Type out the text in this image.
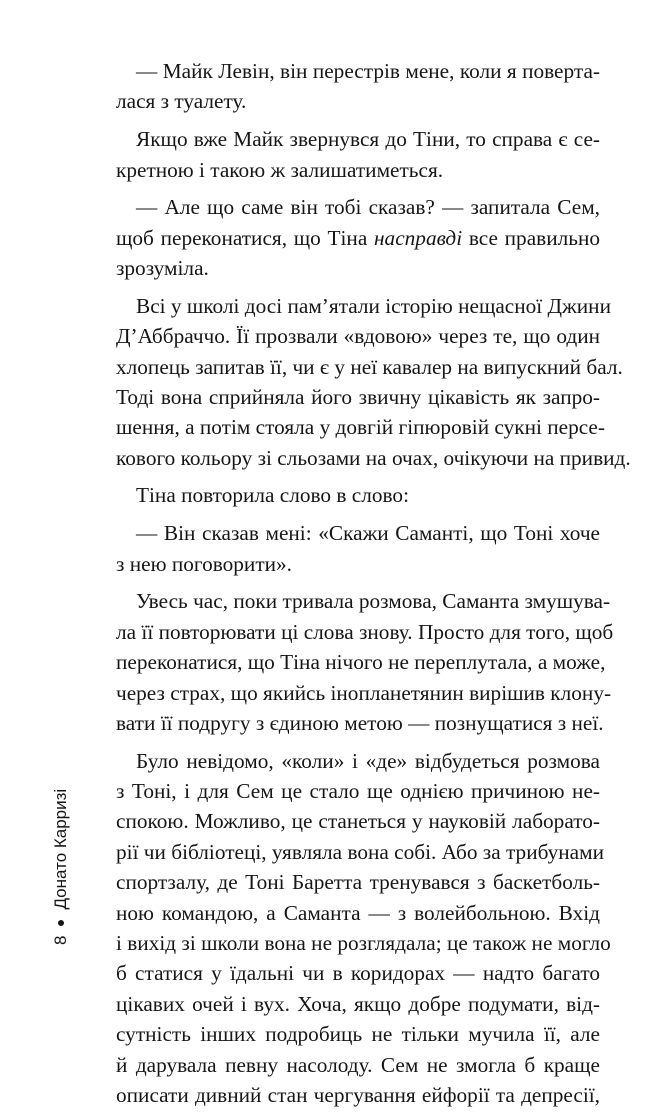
— Майк Левін, він перестрів мене, коли я поверта-
лася з туалету.
Якщо вже Майк звернувся до Тіни, то справа є се-
кретною і такою ж залишатиметься.
— Але що саме він тобі сказав? — запитала Сем,
щоб переконатися, що Тіна насправді все правильно
зрозуміла.
Всі у школі досі пам’ятали історію нещасної Джини
Д’Аббраччо. Її прозвали «вдовою» через те, що один
хлопець запитав її, чи є у неї кавалер на випускний бал.
Тоді вона сприйняла його звичну цікавість як запро-
шення, а потім стояла у довгій гіпюровій сукні персе-
кового кольору зі сльозами на очах, очікуючи на привид.
Тіна повторила слово в слово:
— Він сказав мені: «Скажи Саманті, що Тоні хоче
з нею поговорити».
Увесь час, поки тривала розмова, Саманта змушува-
ла її повторювати ці слова знову. Просто для того, щоб
переконатися, що Тіна нічого не переплутала, а може,
через страх, що якийсь інопланетянин вирішив клону-
вати її подругу з єдиною метою — познущатися з неї.
Було невідомо, «коли» і «де» відбудеться розмова
з Тоні, і для Сем це стало ще однією причиною не-
спокою. Можливо, це станеться у науковій лаборато-
рії чи бібліотеці, уявляла вона собі. Або за трибунами
спортзалу, де Тоні Баретта тренувався з баскетболь-
ною командою, а Саманта — з волейбольною. Вхід
і вихід зі школи вона не розглядала; це також не могло
б статися у їдальні чи в коридорах — надто багато
цікавих очей і вух. Хоча, якщо добре подумати, від-
сутність інших подробиць не тільки мучила її, але
й дарувала певну насолоду. Сем не змогла б краще
описати дивний стан чергування ейфорії та депресії,
8
Донато Карризі
